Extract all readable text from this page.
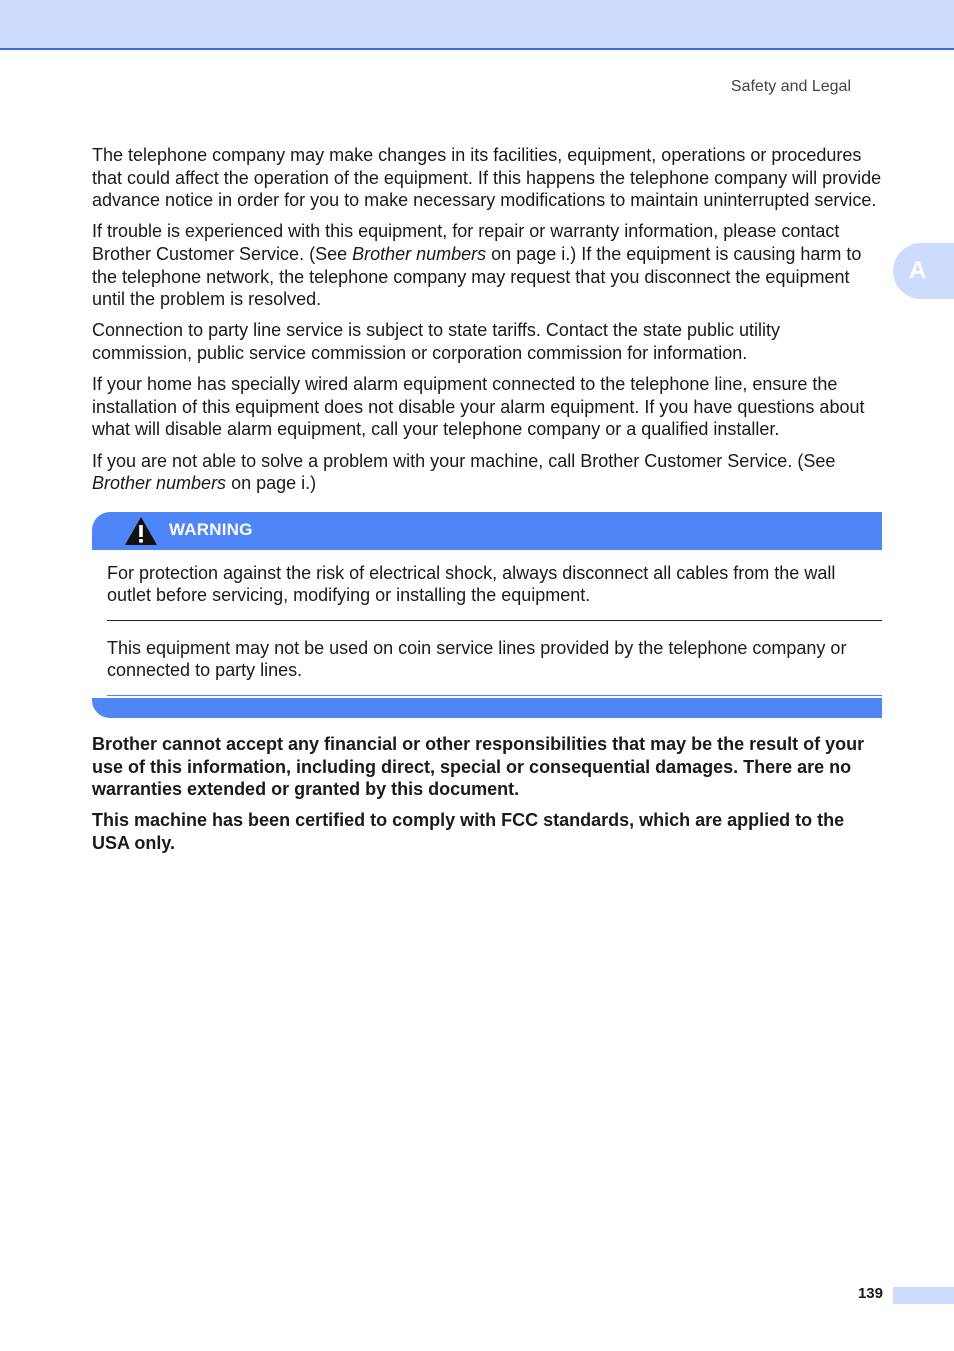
Safety and Legal
A

The telephone company may make changes in its facilities, equipment, operations or procedures that could affect the operation of the equipment. If this happens the telephone company will provide advance notice in order for you to make necessary modifications to maintain uninterrupted service.

If trouble is experienced with this equipment, for repair or warranty information, please contact Brother Customer Service. (See Brother numbers on page i.) If the equipment is causing harm to the telephone network, the telephone company may request that you disconnect the equipment until the problem is resolved.

Connection to party line service is subject to state tariffs. Contact the state public utility commission, public service commission or corporation commission for information.

If your home has specially wired alarm equipment connected to the telephone line, ensure the installation of this equipment does not disable your alarm equipment. If you have questions about what will disable alarm equipment, call your telephone company or a qualified installer.

If you are not able to solve a problem with your machine, call Brother Customer Service. (See Brother numbers on page i.)

WARNING

For protection against the risk of electrical shock, always disconnect all cables from the wall outlet before servicing, modifying or installing the equipment.

This equipment may not be used on coin service lines provided by the telephone company or connected to party lines.

Brother cannot accept any financial or other responsibilities that may be the result of your use of this information, including direct, special or consequential damages. There are no warranties extended or granted by this document.

This machine has been certified to comply with FCC standards, which are applied to the USA only.

139
